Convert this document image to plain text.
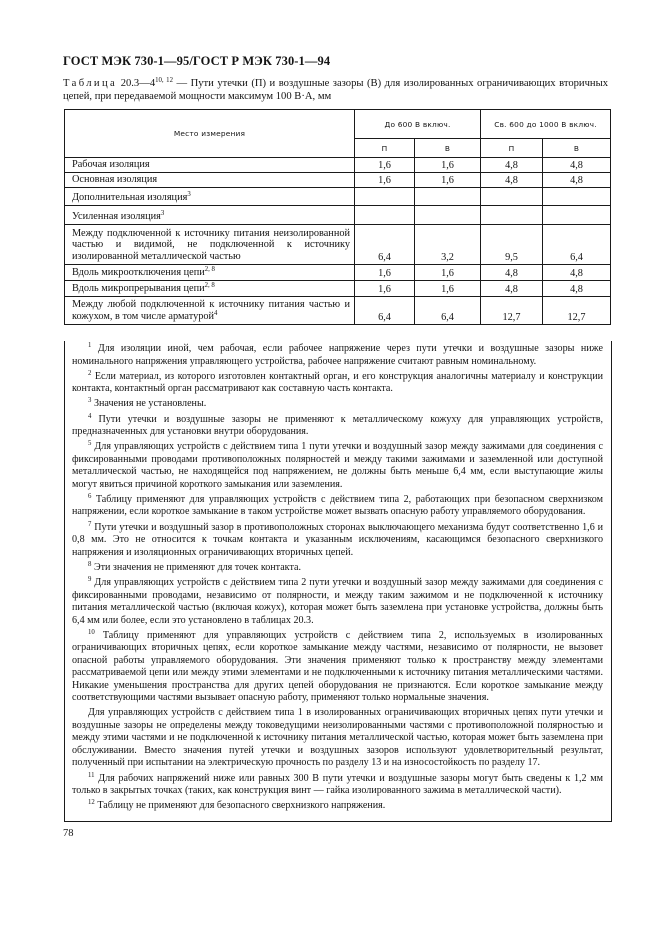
ГОСТ МЭК 730-1—95/ГОСТ Р МЭК 730-1—94
Таблица 20.3—4$^{10, 12}$ — Пути утечки (П) и воздушные зазоры (В) для изолированных ограничивающих вторичных цепей, при передаваемой мощности максимум 100 В·А, мм
Место измерения	До 600 В включ.		Св. 600 до 1000 В включ.	
	П	В	П	В
Рабочая изоляция	1,6	1,6	4,8	4,8
Основная изоляция	1,6	1,6	4,8	4,8
Дополнительная изоляция$^3$				
Усиленная изоляция$^3$				
Между подключенной к источнику питания неизолированной частью и видимой, не подключенной к источнику изолированной металлической частью	6,4	3,2	9,5	6,4
Вдоль микроотключения цепи$^{2, 8}$	1,6	1,6	4,8	4,8
Вдоль микропрерывания цепи$^{2, 8}$	1,6	1,6	4,8	4,8
Между любой подключенной к источнику питания частью и кожухом, в том числе арматурой$^4$	6,4	6,4	12,7	12,7

$^1$ Для изоляции иной, чем рабочая, если рабочее напряжение через пути утечки и воздушные зазоры ниже номинального напряжения управляющего устройства, рабочее напряжение считают равным номинальному.

$^2$ Если материал, из которого изготовлен контактный орган, и его конструкция аналогичны материалу и конструкции контакта, контактный орган рассматривают как составную часть контакта.

$^3$ Значения не установлены.

$^4$ Пути утечки и воздушные зазоры не применяют к металлическому кожуху для управляющих устройств, предназначенных для установки внутри оборудования.

$^5$ Для управляющих устройств с действием типа 1 пути утечки и воздушный зазор между зажимами для соединения с фиксированными проводами противоположных полярностей и между такими зажимами и заземленной или доступной металлической частью, не находящейся под напряжением, не должны быть меньше 6,4 мм, если выступающие жилы могут явиться причиной короткого замыкания или заземления.

$^6$ Таблицу применяют для управляющих устройств с действием типа 2, работающих при безопасном сверхнизком напряжении, если короткое замыкание в таком устройстве может вызвать опасную работу управляемого оборудования.

$^7$ Пути утечки и воздушный зазор в противоположных сторонах выключающего механизма будут соответственно 1,6 и 0,8 мм. Это не относится к точкам контакта и указанным исключениям, касающимся безопасного сверхнизкого напряжения и изоляционных ограничивающих вторичных цепей.

$^8$ Эти значения не применяют для точек контакта.

$^9$ Для управляющих устройств с действием типа 2 пути утечки и воздушный зазор между зажимами для соединения с фиксированными проводами, независимо от полярности, и между таким зажимом и не подключенной к источнику питания металлической частью (включая кожух), которая может быть заземлена при установке устройства, должны быть 6,4 мм или более, если это установлено в таблицах 20.3.

$^{10}$ Таблицу применяют для управляющих устройств с действием типа 2, используемых в изолированных ограничивающих вторичных цепях, если короткое замыкание между частями, независимо от полярности, не вызовет опасной работы управляемого оборудования. Эти значения применяют только к пространству между элементами рассматриваемой цепи или между этими элементами и не подключенными к источнику питания металлическими частями. Никакие уменьшения пространства для других цепей оборудования не признаются. Если короткое замыкание между соответствующими частями вызывает опасную работу, применяют только нормальные значения.

Для управляющих устройств с действием типа 1 в изолированных ограничивающих вторичных цепях пути утечки и воздушные зазоры не определены между токоведущими неизолированными частями с противоположной полярностью и между этими частями и не подключенной к источнику питания металлической частью, которая может быть заземлена при обслуживании. Вместо значения путей утечки и воздушных зазоров используют удовлетворительный результат, полученный при испытании на электрическую прочность по разделу 13 и на износостойкость по разделу 17.

$^{11}$ Для рабочих напряжений ниже или равных 300 В пути утечки и воздушные зазоры могут быть сведены к 1,2 мм только в закрытых точках (таких, как конструкция винт — гайка изолированного зажима в металлической части).

$^{12}$ Таблицу не применяют для безопасного сверхнизкого напряжения.

78
